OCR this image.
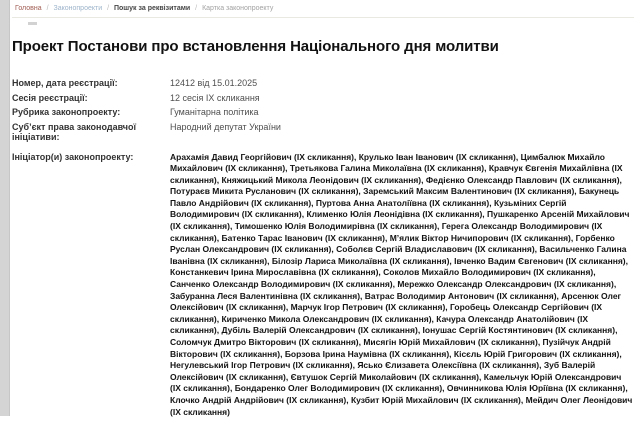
Головна / Законопроекти / Пошук за реквізитами / Картка законопроекту
Проект Постанови про встановлення Національного дня молитви
Номер, дата реєстрації:	12412 від 15.01.2025
Сесія реєстрації:	12 сесія ІХ скликання
Рубрика законопроекту:	Гуманітарна політика
Суб’єкт права законодавчої ініціативи:
Народний депутат України
Ініціатор(и) законопроекту:	Арахамія Давид Георгійович (ІХ скликання), Крулько Іван Іванович (ІХ скликання), Цимбалюк Михайло Михайлович (ІХ скликання), Третьякова Галина Миколаївна (ІХ скликання), Кравчук Євгенія Михайлівна (ІХ скликання), Княжицький Микола Леонідович (ІХ скликання), Федієнко Олександр Павлович (ІХ скликання), Потураєв Микита Русланович (ІХ скликання), Заремський Максим Валентинович (ІХ скликання), Бакунець Павло Андрійович (ІХ скликання), Пуртова Анна Анатоліївна (ІХ скликання), Кузьміних Сергій Володимирович (ІХ скликання), Клименко Юлія Леонідівна (ІХ скликання), Пушкаренко Арсеній Михайлович (ІХ скликання), Тимошенко Юлія Володимирівна (ІХ скликання), Герега Олександр Володимирович (ІХ скликання), Батенко Тарас Іванович (ІХ скликання), М’ялик Віктор Ничипорович (ІХ скликання), Горбенко Руслан Олександрович (ІХ скликання), Соболєв Сергій Владиславович (ІХ скликання), Васильченко Галина Іванівна (ІХ скликання), Білозір Лариса Миколаївна (ІХ скликання), Івченко Вадим Євгенович (ІХ скликання), Констанкевич Ірина Мирославівна (ІХ скликання), Соколов Михайло Володимирович (ІХ скликання), Санченко Олександр Володимирович (ІХ скликання), Мережко Олександр Олександрович (ІХ скликання), Забуранна Леся Валентинівна (ІХ скликання), Ватрас Володимир Антонович (ІХ скликання), Арсенюк Олег Олексійович (ІХ скликання), Марчук Ігор Петрович (ІХ скликання), Горобець Олександр Сергійович (ІХ скликання), Кириченко Микола Олександрович (ІХ скликання), Качура Олександр Анатолійович (ІХ скликання), Дубіль Валерій Олександрович (ІХ скликання), Іонушас Сергій Костянтинович (ІХ скликання), Соломчук Дмитро Вікторович (ІХ скликання), Мисягін Юрій Михайлович (ІХ скликання), Пузійчук Андрій Вікторович (ІХ скликання), Борзова Ірина Наумівна (ІХ скликання), Кісєль Юрій Григорович (ІХ скликання), Негулевський Ігор Петрович (ІХ скликання), Ясько Єлизавета Олексіївна (ІХ скликання), Зуб Валерій Олексійович (ІХ скликання), Євтушок Сергій Миколайович (ІХ скликання), Камельчук Юрій Олександрович (ІХ скликання), Бондаренко Олег Володимирович (ІХ скликання), Овчинникова Юлія Юріївна (ІХ скликання), Клочко Андрій Андрійович (ІХ скликання), Кузбит Юрій Михайлович (ІХ скликання), Мейдич Олег Леонідович (ІХ скликання)
